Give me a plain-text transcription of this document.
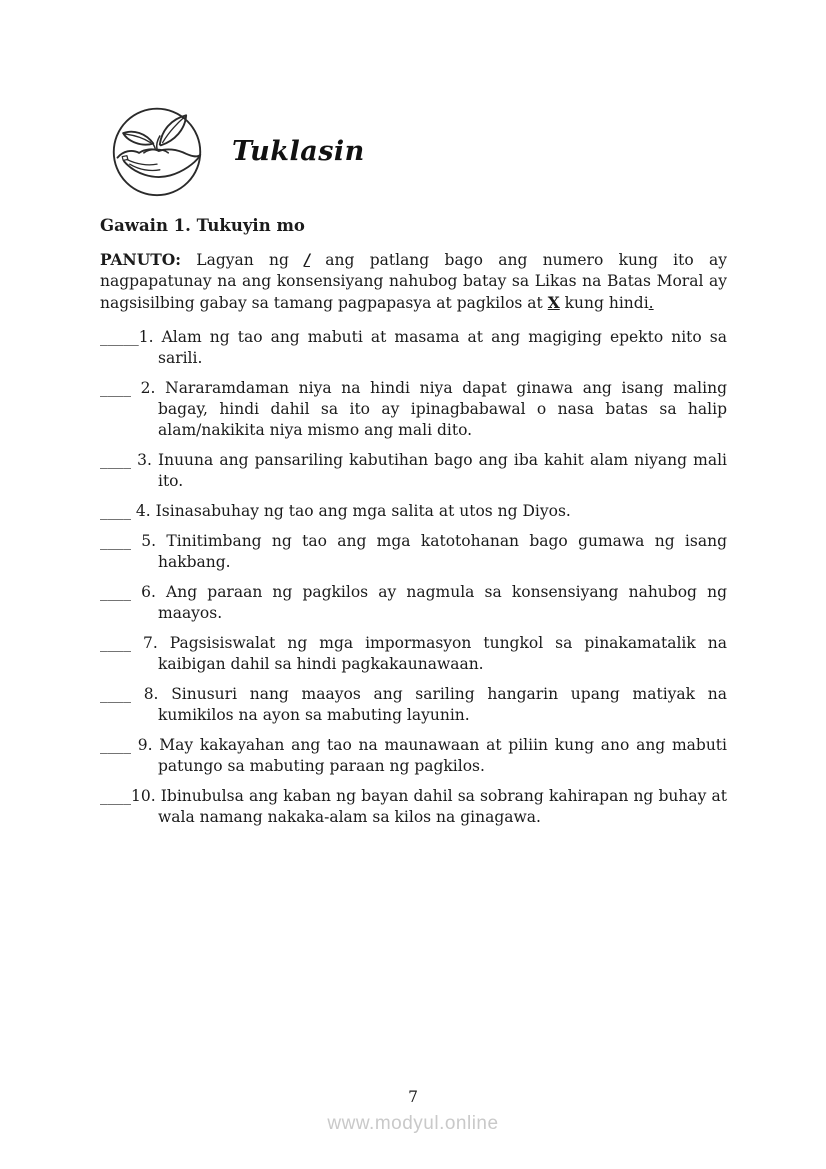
Tuklasin
Gawain 1. Tukuyin mo

PANUTO: Lagyan ng / ang patlang bago ang numero kung ito ay nagpapatunay na ang konsensiyang nahubog batay sa Likas na Batas Moral ay nagsisilbing gabay sa tamang pagpapasya at pagkilos at X kung hindi.

_____1. Alam ng tao ang mabuti at masama at ang magiging epekto nito sa sarili.

____ 2. Nararamdaman niya na hindi niya dapat ginawa ang isang maling bagay, hindi dahil sa ito ay ipinagbabawal o nasa batas sa halip alam/nakikita niya mismo ang mali dito.

____ 3. Inuuna ang pansariling kabutihan bago ang iba kahit alam niyang mali ito.

____ 4. Isinasabuhay ng tao ang mga salita at utos ng Diyos.

____ 5. Tinitimbang ng tao ang mga katotohanan bago gumawa ng isang hakbang.

____ 6. Ang paraan ng pagkilos ay nagmula sa konsensiyang nahubog ng maayos.

____ 7. Pagsisiswalat ng mga impormasyon tungkol sa pinakamatalik na kaibigan dahil sa hindi pagkakaunawaan.

____ 8. Sinusuri nang maayos ang sariling hangarin upang matiyak na kumikilos na ayon sa mabuting layunin.

____ 9. May kakayahan ang tao na maunawaan at piliin kung ano ang mabuti patungo sa mabuting paraan ng pagkilos.

____10. Ibinubulsa ang kaban ng bayan dahil sa sobrang kahirapan ng buhay at wala namang nakaka-alam sa kilos na ginagawa.

7
www.modyul.online
